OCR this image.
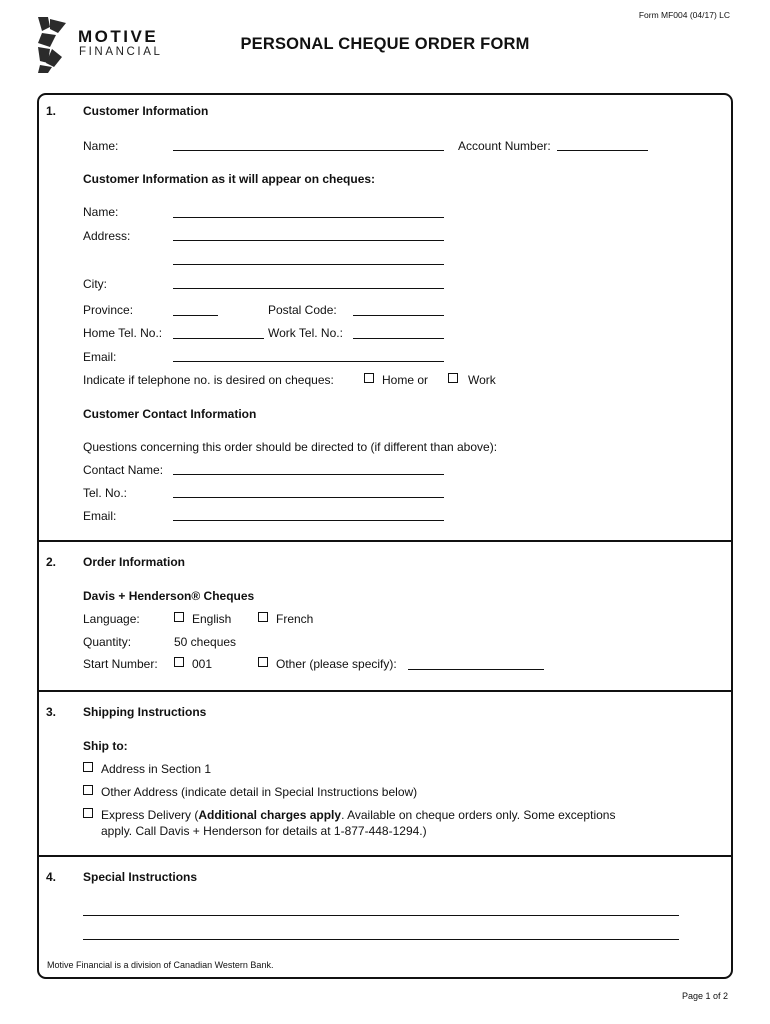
Form MF004 (04/17) LC
MOTIVE
FINANCIAL	PERSONAL CHEQUE ORDER FORM
1. Customer Information
Name:	Account Number:
Customer Information as it will appear on cheques:
Name:
Address:
City:
Province:	Postal Code:
Home Tel. No.:	Work Tel. No.:
Email:
Indicate if telephone no. is desired on cheques:	Home or	Work
Customer Contact Information
Questions concerning this order should be directed to (if different than above):
Contact Name:
Tel. No.:
Email:
2. Order Information
Davis + Henderson® Cheques
Language:	English	French
Quantity:	50 cheques
Start Number:	001	Other (please specify):
3. Shipping Instructions
Ship to:
Address in Section 1
Other Address (indicate detail in Special Instructions below)
Express Delivery (Additional charges apply. Available on cheque orders only. Some exceptions
apply. Call Davis + Henderson for details at 1-877-448-1294.)
4. Special Instructions
Motive Financial is a division of Canadian Western Bank.
Page 1 of 2
